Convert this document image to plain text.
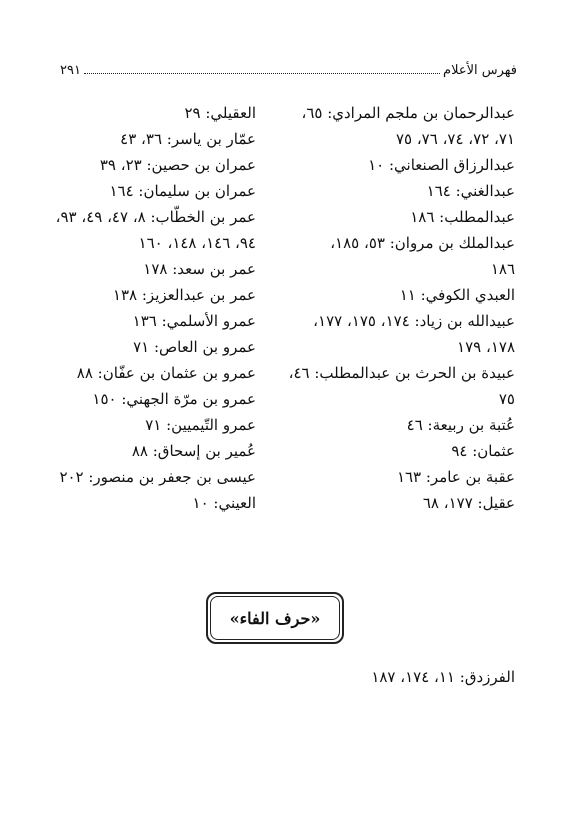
فهرس الأعلام
٢٩١
عبدالرحمان بن ملجم المرادي: ٦٥،
٧١، ٧٢، ٧٤، ٧٦، ٧٥
عبدالرزاق الصنعاني: ١٠
عبدالغني: ١٦٤
عبدالمطلب: ١٨٦
عبدالملك بن مروان: ٥٣، ١٨٥،
١٨٦
العبدي الكوفي: ١١
عبيدالله بن زياد: ١٧٤، ١٧٥، ١٧٧،
١٧٨، ١٧٩
عبيدة بن الحرث بن عبدالمطلب: ٤٦،
٧٥
عُتبة بن ربيعة: ٤٦
عثمان: ٩٤
عقبة بن عامر: ١٦٣
عقيل: ١٧٧، ٦٨
العقيلي: ٢٩
عمّار بن ياسر: ٣٦، ٤٣
عمران بن حصين: ٢٣، ٣٩
عمران بن سليمان: ١٦٤
عمر بن الخطّاب: ٨، ٤٧، ٤٩، ٩٣،
٩٤، ١٤٦، ١٤٨، ١٦٠
عمر بن سعد: ١٧٨
عمر بن عبدالعزيز: ١٣٨
عمرو الأسلمي: ١٣٦
عمرو بن العاص: ٧١
عمرو بن عثمان بن عفّان: ٨٨
عمرو بن مرّة الجهني: ١٥٠
عمرو التّيميين: ٧١
عُمير بن إسحاق: ٨٨
عيسى بن جعفر بن منصور: ٢٠٢
العيني: ١٠
«حرف الفاء»
الفرزدق: ١١، ١٧٤، ١٨٧
